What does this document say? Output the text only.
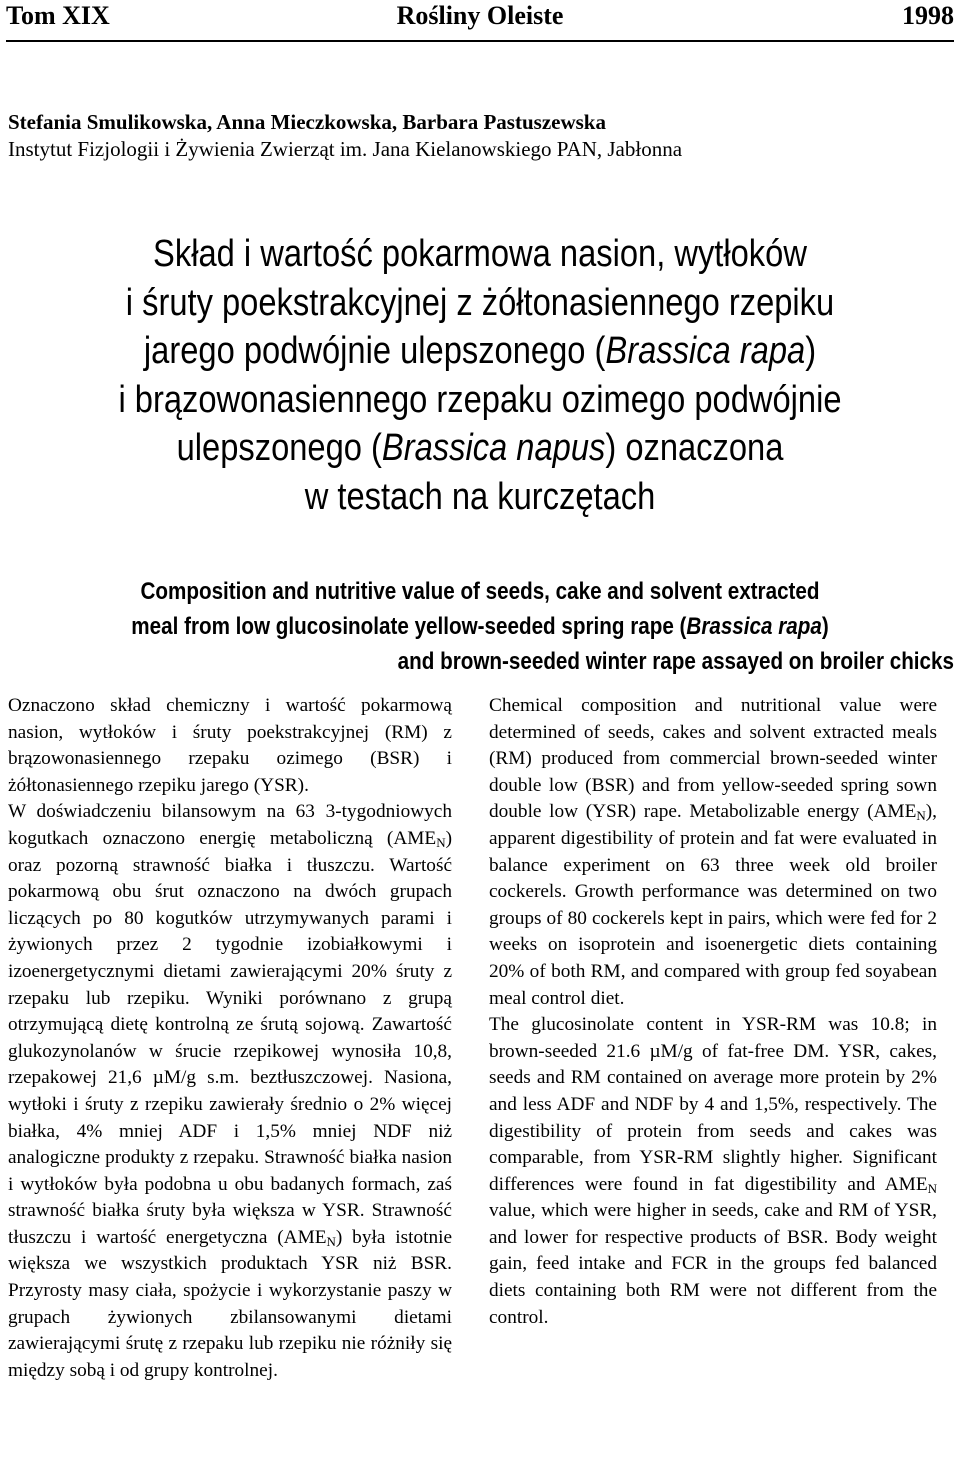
Rośliny Oleiste
Tom XIX	1998
Stefania Smulikowska, Anna Mieczkowska, Barbara Pastuszewska
Instytut Fizjologii i Żywienia Zwierząt im. Jana Kielanowskiego PAN, Jabłonna
Skład i wartość pokarmowa nasion, wytłoków
i śruty poekstrakcyjnej z żółtonasiennego rzepiku
jarego podwójnie ulepszonego (Brassica rapa)
i brązowonasiennego rzepaku ozimego podwójnie
ulepszonego (Brassica napus) oznaczona
w testach na kurczętach
Composition and nutritive value of seeds, cake and solvent extracted
meal from low glucosinolate yellow-seeded spring rape (Brassica rapa)
and brown-seeded winter rape assayed on broiler chicks

Oznaczono skład chemiczny i wartość pokarmową nasion, wytłoków i śruty poekstrakcyjnej (RM) z brązowonasiennego rzepaku ozimego (BSR) i żółtonasiennego rzepiku jarego (YSR).

W doświadczeniu bilansowym na 63 3-tygodniowych kogutkach oznaczono energię metaboliczną $(AME_N)$ oraz pozorną strawność białka i tłuszczu. Wartość pokarmową obu śrut oznaczono na dwóch grupach liczących po 80 kogutków utrzymywanych parami i żywionych przez 2 tygodnie izobiałkowymi i izoenergetycznymi dietami zawierającymi 20% śruty z rzepaku lub rzepiku. Wyniki porównano z grupą otrzymującą dietę kontrolną ze śrutą sojową. Zawartość glukozynolanów w śrucie rzepikowej wynosiła 10,8, rzepakowej 21,6 µM/g s.m. beztłuszczowej. Nasiona, wytłoki i śruty z rzepiku zawierały średnio o 2% więcej białka, 4% mniej ADF i 1,5% mniej NDF niż analogiczne produkty z rzepaku. Strawność białka nasion i wytłoków była podobna u obu badanych formach, zaś strawność białka śruty była większa w YSR. Strawność tłuszczu i wartość energetyczna $(AME_N)$ była istotnie większa we wszystkich produktach YSR niż BSR. Przyrosty masy ciała, spożycie i wykorzystanie paszy w grupach żywionych zbilansowanymi dietami zawierającymi śrutę z rzepaku lub rzepiku nie różniły się między sobą i od grupy kontrolnej.

Chemical composition and nutritional value were determined of seeds, cakes and solvent extracted meals (RM) produced from commercial brown-seeded winter double low (BSR) and from yellow-seeded spring sown double low (YSR) rape. Metabolizable energy $(AME_N)$, apparent digestibility of protein and fat were evaluated in balance experiment on 63 three week old broiler cockerels. Growth performance was determined on two groups of 80 cockerels kept in pairs, which were fed for 2 weeks on isoprotein and isoenergetic diets containing 20% of both RM, and compared with group fed soyabean meal control diet.

The glucosinolate content in YSR-RM was 10.8; in brown-seeded 21.6 µM/g of fat-free DM. YSR, cakes, seeds and RM contained on average more protein by 2% and less ADF and NDF by 4 and 1,5%, respectively. The digestibility of protein from seeds and cakes was comparable, from YSR-RM slightly higher. Significant differences were found in fat digestibility and $AME_N$ value, which were higher in seeds, cake and RM of YSR, and lower for respective products of BSR. Body weight gain, feed intake and FCR in the groups fed balanced diets containing both RM were not different from the control.
